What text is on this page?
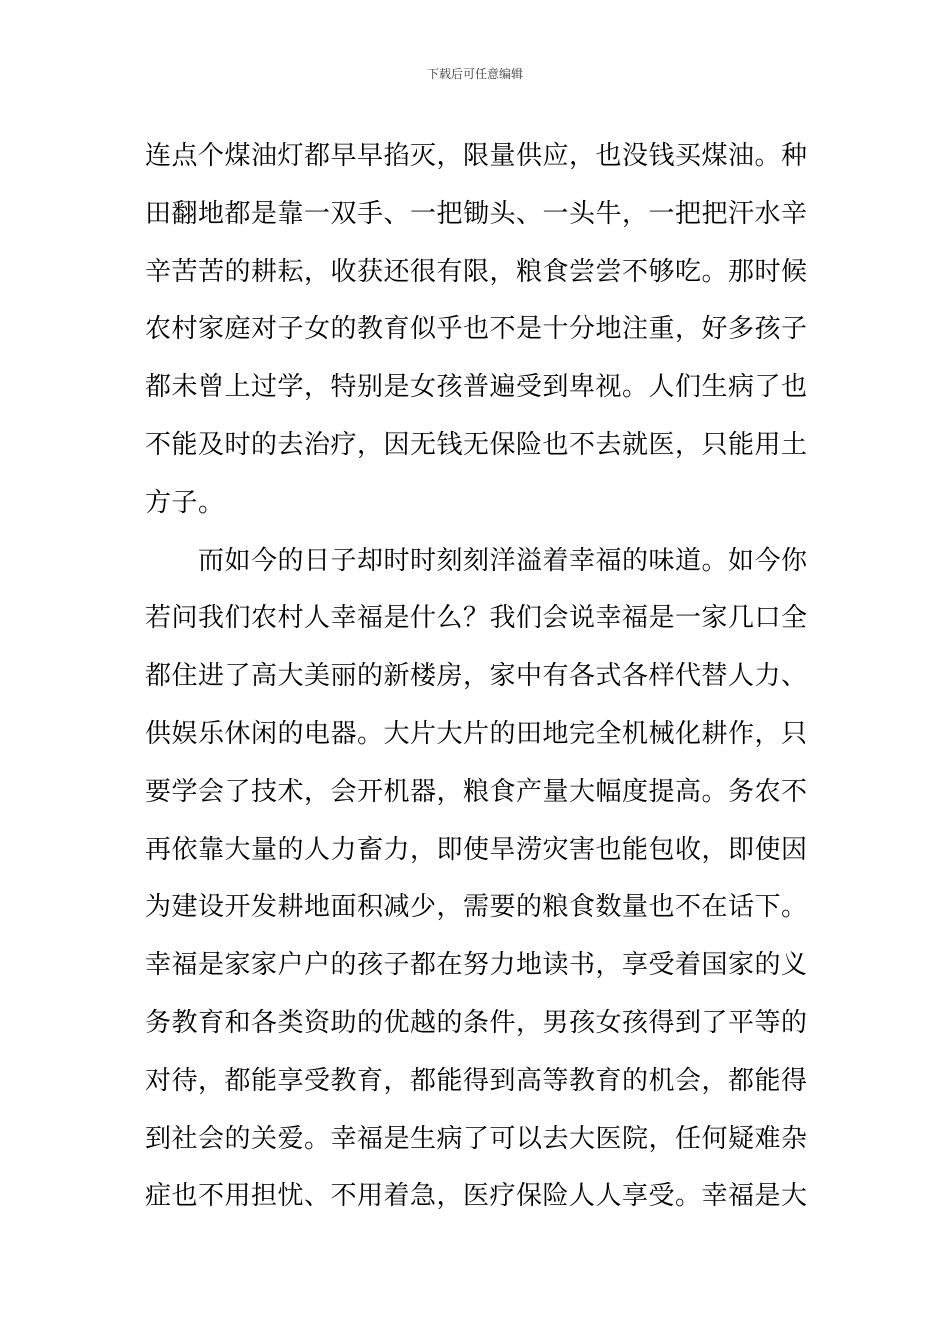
下载后可任意编辑
连点个煤油灯都早早掐灭，限量供应，也没钱买煤油。种
田翻地都是靠一双手、一把锄头、一头牛，一把把汗水辛
辛苦苦的耕耘，收获还很有限，粮食尝尝不够吃。那时候
农村家庭对子女的教育似乎也不是十分地注重，好多孩子
都未曾上过学，特别是女孩普遍受到卑视。人们生病了也
不能及时的去治疗，因无钱无保险也不去就医，只能用土
方子。
　　而如今的日子却时时刻刻洋溢着幸福的味道。如今你
若问我们农村人幸福是什么？我们会说幸福是一家几口全
都住进了高大美丽的新楼房，家中有各式各样代替人力、
供娱乐休闲的电器。大片大片的田地完全机械化耕作，只
要学会了技术，会开机器，粮食产量大幅度提高。务农不
再依靠大量的人力畜力，即使旱涝灾害也能包收，即使因
为建设开发耕地面积减少，需要的粮食数量也不在话下。
幸福是家家户户的孩子都在努力地读书，享受着国家的义
务教育和各类资助的优越的条件，男孩女孩得到了平等的
对待，都能享受教育，都能得到高等教育的机会，都能得
到社会的关爱。幸福是生病了可以去大医院，任何疑难杂
症也不用担忧、不用着急，医疗保险人人享受。幸福是大
